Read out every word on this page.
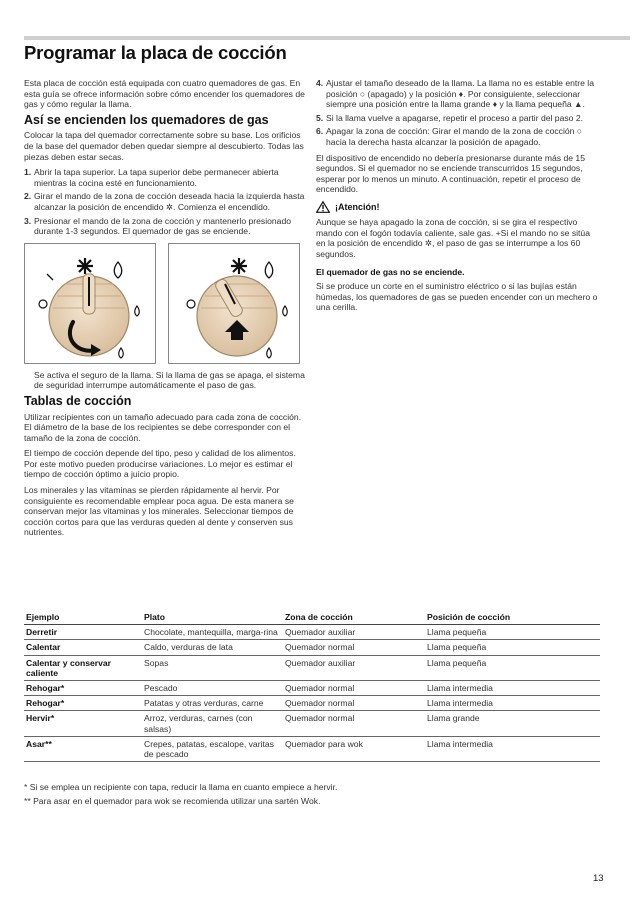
Programar la placa de cocción

Esta placa de cocción está equipada con cuatro quemadores de gas. En esta guía se ofrece información sobre cómo encender los quemadores de gas y cómo regular la llama.

Así se encienden los quemadores de gas

Colocar la tapa del quemador correctamente sobre su base. Los orificios de la base del quemador deben quedar siempre al descubierto. Todas las piezas deben estar secas.

1. Abrir la tapa superior. La tapa superior debe permanecer abierta mientras la cocina esté en funcionamiento.
2. Girar el mando de la zona de cocción deseada hacia la izquierda hasta alcanzar la posición de encendido ✲. Comienza el encendido.
3. Presionar el mando de la zona de cocción y mantenerlo presionado durante 1-3 segundos. El quemador de gas se enciende.

Se activa el seguro de la llama. Si la llama de gas se apaga, el sistema de seguridad interrumpe automáticamente el paso de gas.

Tablas de cocción

Utilizar recipientes con un tamaño adecuado para cada zona de cocción. El diámetro de la base de los recipientes se debe corresponder con el tamaño de la zona de cocción.

El tiempo de cocción depende del tipo, peso y calidad de los alimentos. Por este motivo pueden producirse variaciones. Lo mejor es estimar el tiempo de cocción óptimo a juicio propio.

Los minerales y las vitaminas se pierden rápidamente al hervir. Por consiguiente es recomendable emplear poca agua. De esta manera se conservan mejor las vitaminas y los minerales. Seleccionar tiempos de cocción cortos para que las verduras queden al dente y conserven sus nutrientes.

4. Ajustar el tamaño deseado de la llama. La llama no es estable entre la posición ○ (apagado) y la posición ♦. Por consiguiente, seleccionar siempre una posición entre la llama grande ♦ y la llama pequeña ▲.
5. Si la llama vuelve a apagarse, repetir el proceso a partir del paso 2.
6. Apagar la zona de cocción: Girar el mando de la zona de cocción ○ hacia la derecha hasta alcanzar la posición de apagado.

El dispositivo de encendido no debería presionarse durante más de 15 segundos. Si el quemador no se enciende transcurridos 15 segundos, esperar por lo menos un minuto. A continuación, repetir el proceso de encendido.

¡Atención!

Aunque se haya apagado la zona de cocción, si se gira el respectivo mando con el fogón todavía caliente, sale gas. +Si el mando no se sitúa en la posición de encendido ✲, el paso de gas se interrumpe a los 60 segundos.

El quemador de gas no se enciende.

Si se produce un corte en el suministro eléctrico o si las bujías están húmedas, los quemadores de gas se pueden encender con un mechero o una cerilla.

Ejemplo	Plato	Zona de cocción	Posición de cocción
Derretir	Chocolate, mantequilla, marga-rina	Quemador auxiliar	Llama pequeña
Calentar	Caldo, verduras de lata	Quemador normal	Llama pequeña
Calentar y conservar caliente	Sopas	Quemador auxiliar	Llama pequeña
Rehogar*	Pescado	Quemador normal	Llama intermedia
Rehogar*	Patatas y otras verduras, carne	Quemador normal	Llama intermedia
Hervir*	Arroz, verduras, carnes (con salsas)	Quemador normal	Llama grande
Asar**	Crepes, patatas, escalope, varitas de pescado	Quemador para wok	Llama intermedia
* Si se emplea un recipiente con tapa, reducir la llama en cuanto empiece a hervir.
** Para asar en el quemador para wok se recomienda utilizar una sartén Wok.
13
